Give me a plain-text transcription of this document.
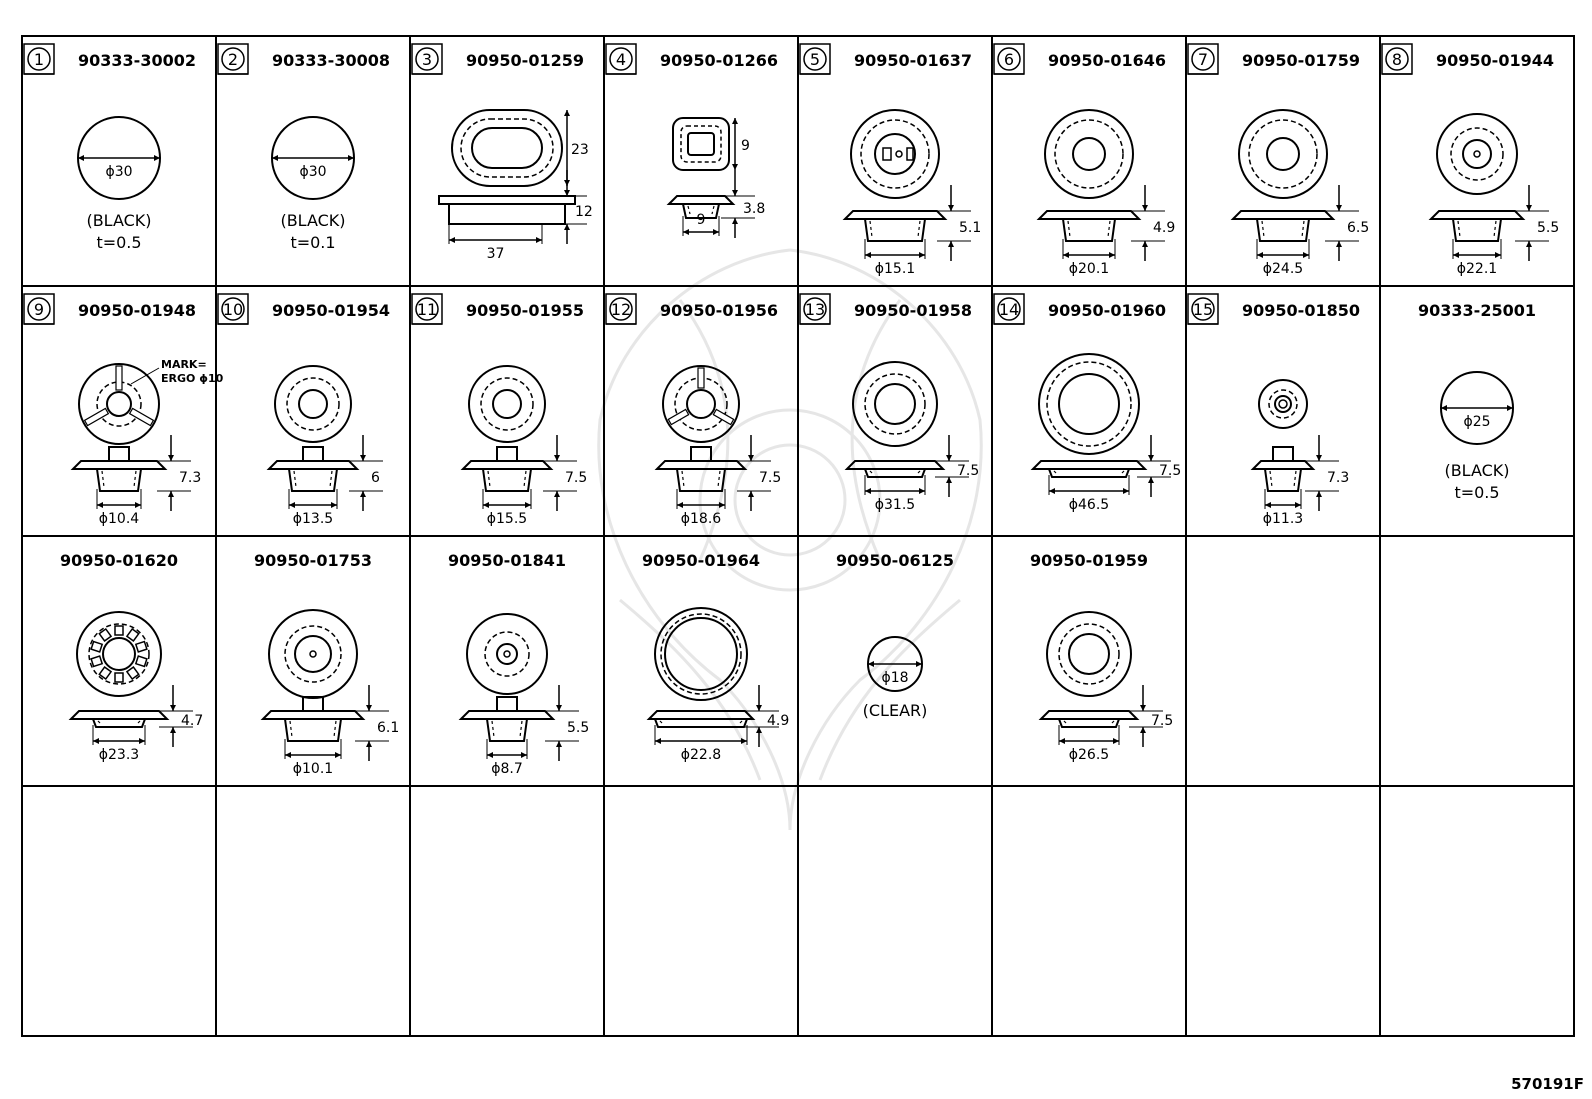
1 90333-30002
ϕ30
(BLACK)
t=0.5
2 90333-30008
ϕ30
(BLACK)
t=0.1
3 90950-01259
23
12
37
4 90950-01266
9
3.8
9
5 90950-01637
5.1
ϕ15.1
6 90950-01646
4.9
ϕ20.1
7 90950-01759
6.5
ϕ24.5
8 90950-01944
5.5
ϕ22.1
9 90950-01948
MARK=
ERGO ϕ10
7.3
ϕ10.4
10 90950-01954
6
ϕ13.5
11 90950-01955
7.5
ϕ15.5
12 90950-01956
7.5
ϕ18.6
13 90950-01958
7.5
ϕ31.5
14 90950-01960
7.5
ϕ46.5
15 90950-01850
7.3
ϕ11.3
90333-25001
ϕ25
(BLACK)
t=0.5
90950-01620
4.7
ϕ23.3
90950-01753
6.1
ϕ10.1
90950-01841
5.5
ϕ8.7
90950-01964
4.9
ϕ22.8
90950-06125
ϕ18
(CLEAR)
90950-01959
7.5
ϕ26.5
570191F
